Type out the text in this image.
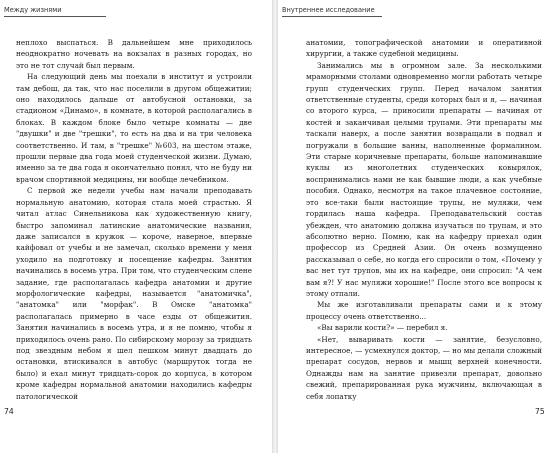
Между жизнями

неплохо выспаться. В дальнейшем мне приходилось неоднократно ночевать на вокзалах в разных городах, но это не тот случай был первым.

На следующий день мы поехали в институт и устроили там дебош, да так, что нас поселили в другом общежитии; оно находилось дальше от автобусной остановки, за стадионом «Динамо», в комнате, в которой располагались в блоках. В каждом блоке было четыре комнаты — две "двушки" и две "трешки", то есть на два и на три человека соответственно. И там, в "трешке" №603, на шестом этаже, прошли первые два года моей студенческой жизни. Думаю, именно за те два года я окончательно понял, что не буду ни врачом спортивной медицины, ни вообще лечебником.

С первой же недели учебы нам начали преподавать нормальную анатомию, которая стала моей страстью. Я читал атлас Синельникова как художественную книгу, быстро запоминал латинские анатомические названия, даже записался в кружок — короче, наверное, впервые кайфовал от учебы и не замечал, сколько времени у меня уходило на подготовку и посещение кафедры. Занятия начинались в восемь утра. При том, что студенческим слене задание, где располагалась кафедра анатомии и другие морфологические кафедры, называется "анатомичка", "анатомка" или "морфак". В Омске "анатомка" располагалась примерно в часе езды от общежития. Занятия начинались в восемь утра, и я не помню, чтобы я приходилось очень рано. По сибирскому морозу за тридцать под звездным небом я шел пешком минут двадцать до остановки, втискивался в автобус (маршруток тогда не было) и ехал минут тридцать-сорок до корпуса, в котором кроме кафедры нормальной анатомии находились кафедры патологической

74
Внутреннее исследование

анатомии, топографической анатомии и оперативной хирургии, а также судебной медицины.

Занимались мы в огромном зале. За несколькими мраморными столами одновременно могли работать четыре групп студенческих групп. Перед началом занятия ответственные студенты, среди которых был и я, — начиная со второго курса, — приносили препараты — начиная от костей и заканчивая целыми трупами. Эти препараты мы таскали наверх, а после занятия возвращали в подвал и погружали в большие ванны, наполненные формалином. Эти старые коричневые препараты, больше напоминавшие куклы из многолетних студенческих ковырялок, воспринимались нами не как бывшие люди, а как учебные пособия. Однако, несмотря на такое плачевное состояние, это все-таки были настоящие трупы, не муляжи, чем гордилась наша кафедра. Преподавательский состав убежден, что анатомию должна изучаться по трупам, и это абсолютно верно. Помню, как на кафедру приехал один профессор из Средней Азии. Он очень возмущенно рассказывал о себе, но когда его спросили о том, «Почему у вас нет тут трупов, мы их на кафедре, они спросил: "А чем вам я?! У нас муляжи хорошие!" После этого все вопросы к этому отпали.

Мы же изготавливали препараты сами и к этому процессу очень ответственно...

«Вы варили кости?» — перебил я.

«Нет, вываривать кости — занятие, безусловно, интересное, — усмехнулся доктор, — но мы делали сложный препарат сосудов, нервов и мышц верхней конечности. Однажды нам на занятие привезли препарат, довольно свежий, препарированная рука мужчины, включающая в себя лопатку

75
